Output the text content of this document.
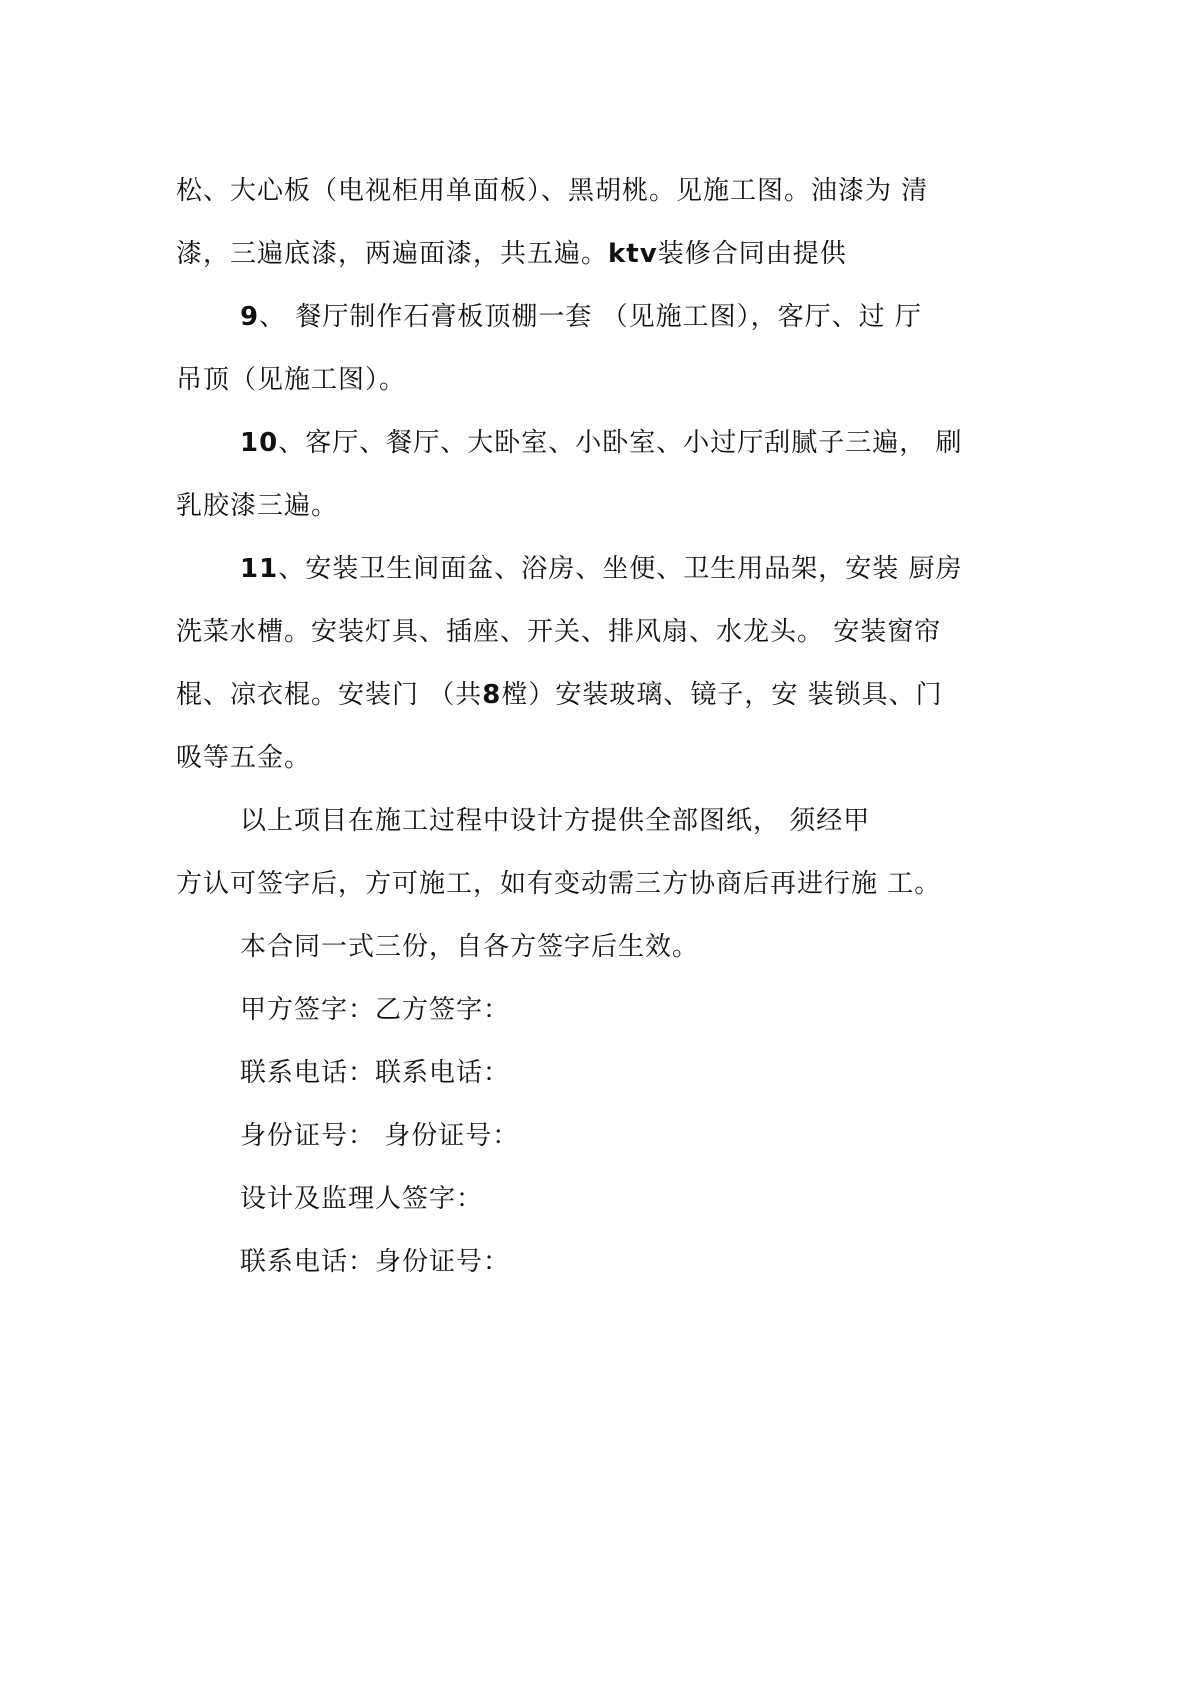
松、大心板（电视柜用单面板）、黑胡桃。见施工图。油漆为 清
漆，三遍底漆，两遍面漆，共五遍。ktv装修合同由提供
9、 餐厅制作石膏板顶棚一套 （见施工图），客厅、过 厅
吊顶（见施工图）。
10、客厅、餐厅、大卧室、小卧室、小过厅刮腻子三遍， 刷
乳胶漆三遍。
11、安装卫生间面盆、浴房、坐便、卫生用品架，安装 厨房
洗菜水槽。安装灯具、插座、开关、排风扇、水龙头。 安装窗帘
棍、凉衣棍。安装门 （共8樘）安装玻璃、镜子，安 装锁具、门
吸等五金。
以上项目在施工过程中设计方提供全部图纸， 须经甲
方认可签字后，方可施工，如有变动需三方协商后再进行施 工。
本合同一式三份，自各方签字后生效。
甲方签字：乙方签字：
联系电话：联系电话：
身份证号： 身份证号：
设计及监理人签字：
联系电话：身份证号：
